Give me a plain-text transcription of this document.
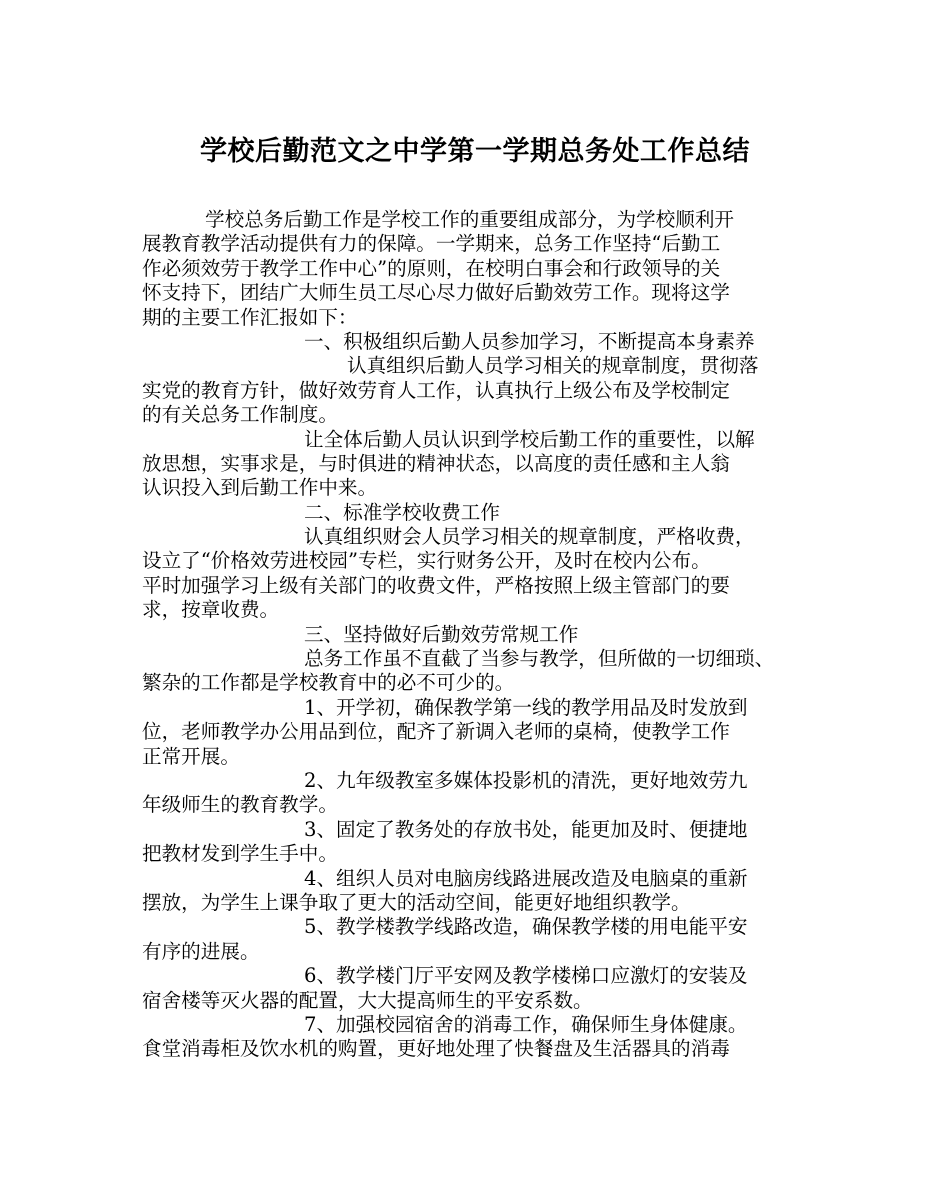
学校后勤范文之中学第一学期总务处工作总结
学校总务后勤工作是学校工作的重要组成部分，为学校顺利开
展教育教学活动提供有力的保障。一学期来，总务工作坚持“后勤工
作必须效劳于教学工作中心”的原则，在校明白事会和行政领导的关
怀支持下，团结广大师生员工尽心尽力做好后勤效劳工作。现将这学
期的主要工作汇报如下：
一、积极组织后勤人员参加学习，不断提高本身素养
认真组织后勤人员学习相关的规章制度，贯彻落
实党的教育方针，做好效劳育人工作，认真执行上级公布及学校制定
的有关总务工作制度。
让全体后勤人员认识到学校后勤工作的重要性，以解
放思想，实事求是，与时俱进的精神状态，以高度的责任感和主人翁
认识投入到后勤工作中来。
二、标准学校收费工作
认真组织财会人员学习相关的规章制度，严格收费，
设立了“价格效劳进校园”专栏，实行财务公开，及时在校内公布。
平时加强学习上级有关部门的收费文件，严格按照上级主管部门的要
求，按章收费。
三、坚持做好后勤效劳常规工作
总务工作虽不直截了当参与教学，但所做的一切细琐、
繁杂的工作都是学校教育中的必不可少的。
1、开学初，确保教学第一线的教学用品及时发放到
位，老师教学办公用品到位，配齐了新调入老师的桌椅，使教学工作
正常开展。
2、九年级教室多媒体投影机的清洗，更好地效劳九
年级师生的教育教学。
3、固定了教务处的存放书处，能更加及时、便捷地
把教材发到学生手中。
4、组织人员对电脑房线路进展改造及电脑桌的重新
摆放，为学生上课争取了更大的活动空间，能更好地组织教学。
5、教学楼教学线路改造，确保教学楼的用电能平安
有序的进展。
6、教学楼门厅平安网及教学楼梯口应激灯的安装及
宿舍楼等灭火器的配置，大大提高师生的平安系数。
7、加强校园宿舍的消毒工作，确保师生身体健康。
食堂消毒柜及饮水机的购置，更好地处理了快餐盘及生活器具的消毒
